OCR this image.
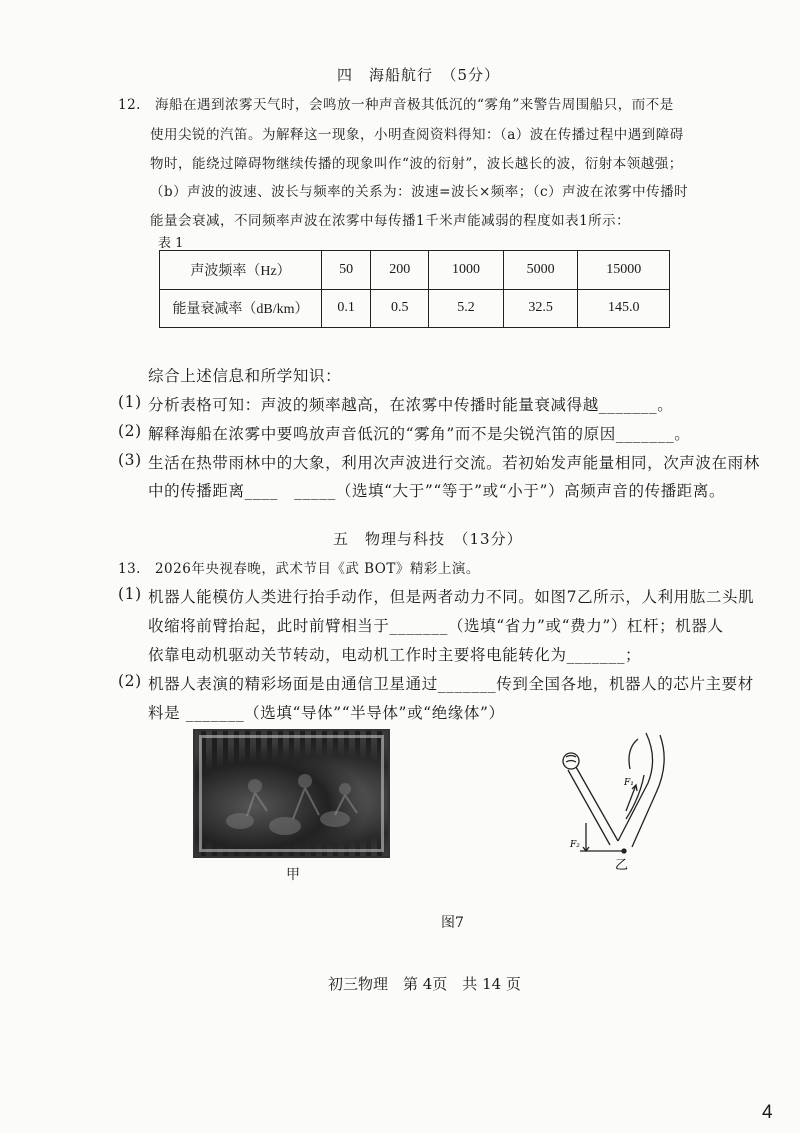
四　海船航行　（5分）
12.　海船在遇到浓雾天气时，会鸣放一种声音极其低沉的“雾角”来警告周围船只，而不是
使用尖锐的汽笛。为解释这一现象，小明查阅资料得知：（a）波在传播过程中遇到障碍
物时，能绕过障碍物继续传播的现象叫作“波的衍射”，波长越长的波，衍射本领越强；
（b）声波的波速、波长与频率的关系为：波速=波长×频率；（c）声波在浓雾中传播时
能量会衰减，不同频率声波在浓雾中每传播1千米声能减弱的程度如表1所示：
表 1
声波频率（Hz）	50	200	1000	5000	15000
能量衰减率（dB/km）	0.1	0.5	5.2	32.5	145.0
综合上述信息和所学知识：
(1) 分析表格可知：声波的频率越高，在浓雾中传播时能量衰减得越_______。
(2) 解释海船在浓雾中要鸣放声音低沉的“雾角”而不是尖锐汽笛的原因_______。
(3) 生活在热带雨林中的大象，利用次声波进行交流。若初始发声能量相同，次声波在雨林
中的传播距离____　_____（选填“大于”“等于”或“小于”）高频声音的传播距离。
五　物理与科技　（13分）
13.　2026年央视春晚，武术节目《武 BOT》精彩上演。
(1) 机器人能模仿人类进行抬手动作，但是两者动力不同。如图7乙所示，人利用肱二头肌
收缩将前臂抬起，此时前臂相当于_______（选填“省力”或“费力”）杠杆；机器人
依靠电动机驱动关节转动，电动机工作时主要将电能转化为_______；
(2) 机器人表演的精彩场面是由通信卫星通过_______传到全国各地，机器人的芯片主要材
料是 _______（选填“导体”“半导体”或“绝缘体”）
甲
F₁
F₂
乙
图7
初三物理　第 4页　共 14 页
4
